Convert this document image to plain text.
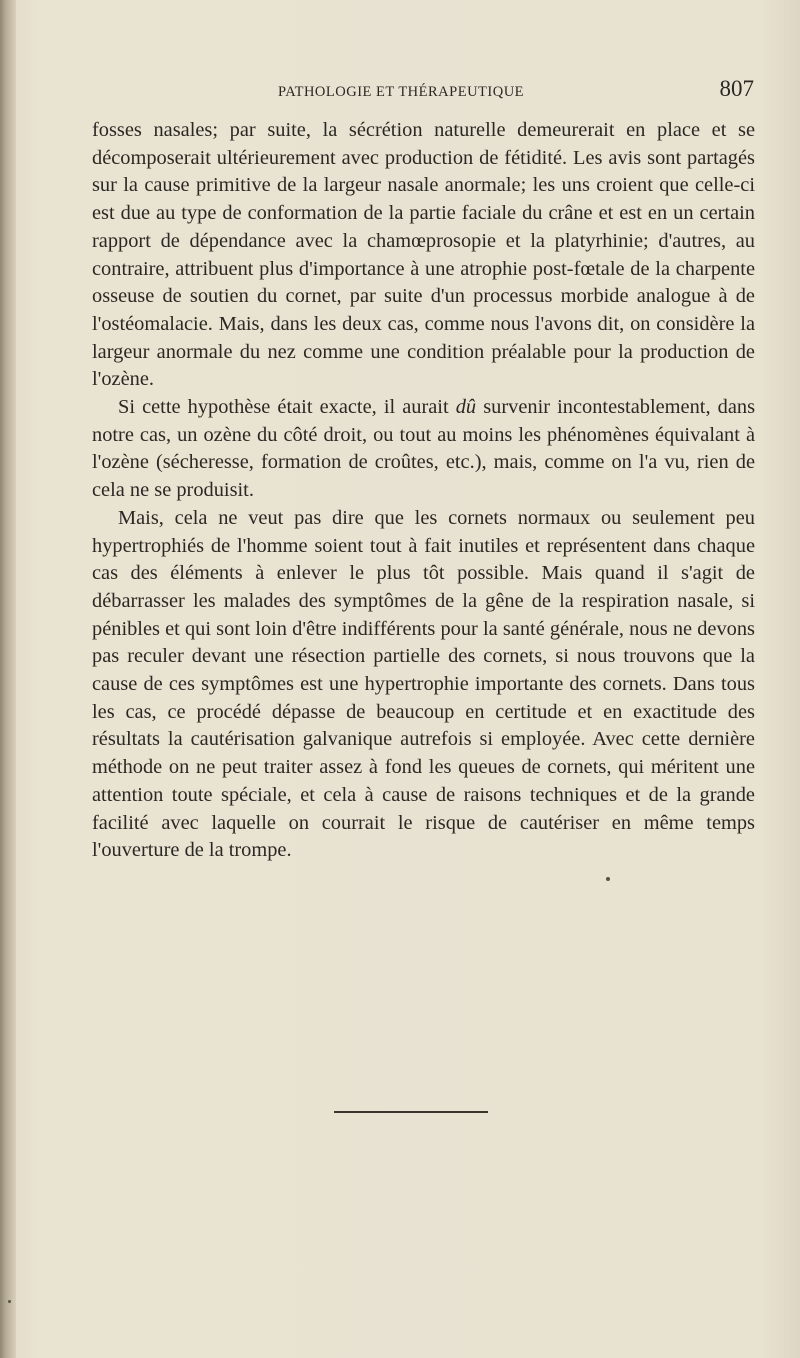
PATHOLOGIE ET THÉRAPEUTIQUE	807

fosses nasales; par suite, la sécrétion naturelle demeurerait en place et se décomposerait ultérieurement avec production de fétidité. Les avis sont partagés sur la cause primitive de la largeur nasale anormale; les uns croient que celle-ci est due au type de conformation de la partie faciale du crâne et est en un certain rapport de dépendance avec la chamœprosopie et la platyrhinie; d'autres, au contraire, attribuent plus d'importance à une atrophie post-fœtale de la charpente osseuse de soutien du cornet, par suite d'un processus morbide analogue à de l'ostéomalacie. Mais, dans les deux cas, comme nous l'avons dit, on considère la largeur anormale du nez comme une condition préalable pour la production de l'ozène.

Si cette hypothèse était exacte, il aurait dû survenir incontestablement, dans notre cas, un ozène du côté droit, ou tout au moins les phénomènes équivalant à l'ozène (sécheresse, formation de croûtes, etc.), mais, comme on l'a vu, rien de cela ne se produisit.

Mais, cela ne veut pas dire que les cornets normaux ou seulement peu hypertrophiés de l'homme soient tout à fait inutiles et représentent dans chaque cas des éléments à enlever le plus tôt possible. Mais quand il s'agit de débarrasser les malades des symptômes de la gêne de la respiration nasale, si pénibles et qui sont loin d'être indifférents pour la santé générale, nous ne devons pas reculer devant une résection partielle des cornets, si nous trouvons que la cause de ces symptômes est une hypertrophie importante des cornets. Dans tous les cas, ce procédé dépasse de beaucoup en certitude et en exactitude des résultats la cautérisation galvanique autrefois si employée. Avec cette dernière méthode on ne peut traiter assez à fond les queues de cornets, qui méritent une attention toute spéciale, et cela à cause de raisons techniques et de la grande facilité avec laquelle on courrait le risque de cautériser en même temps l'ouverture de la trompe.
